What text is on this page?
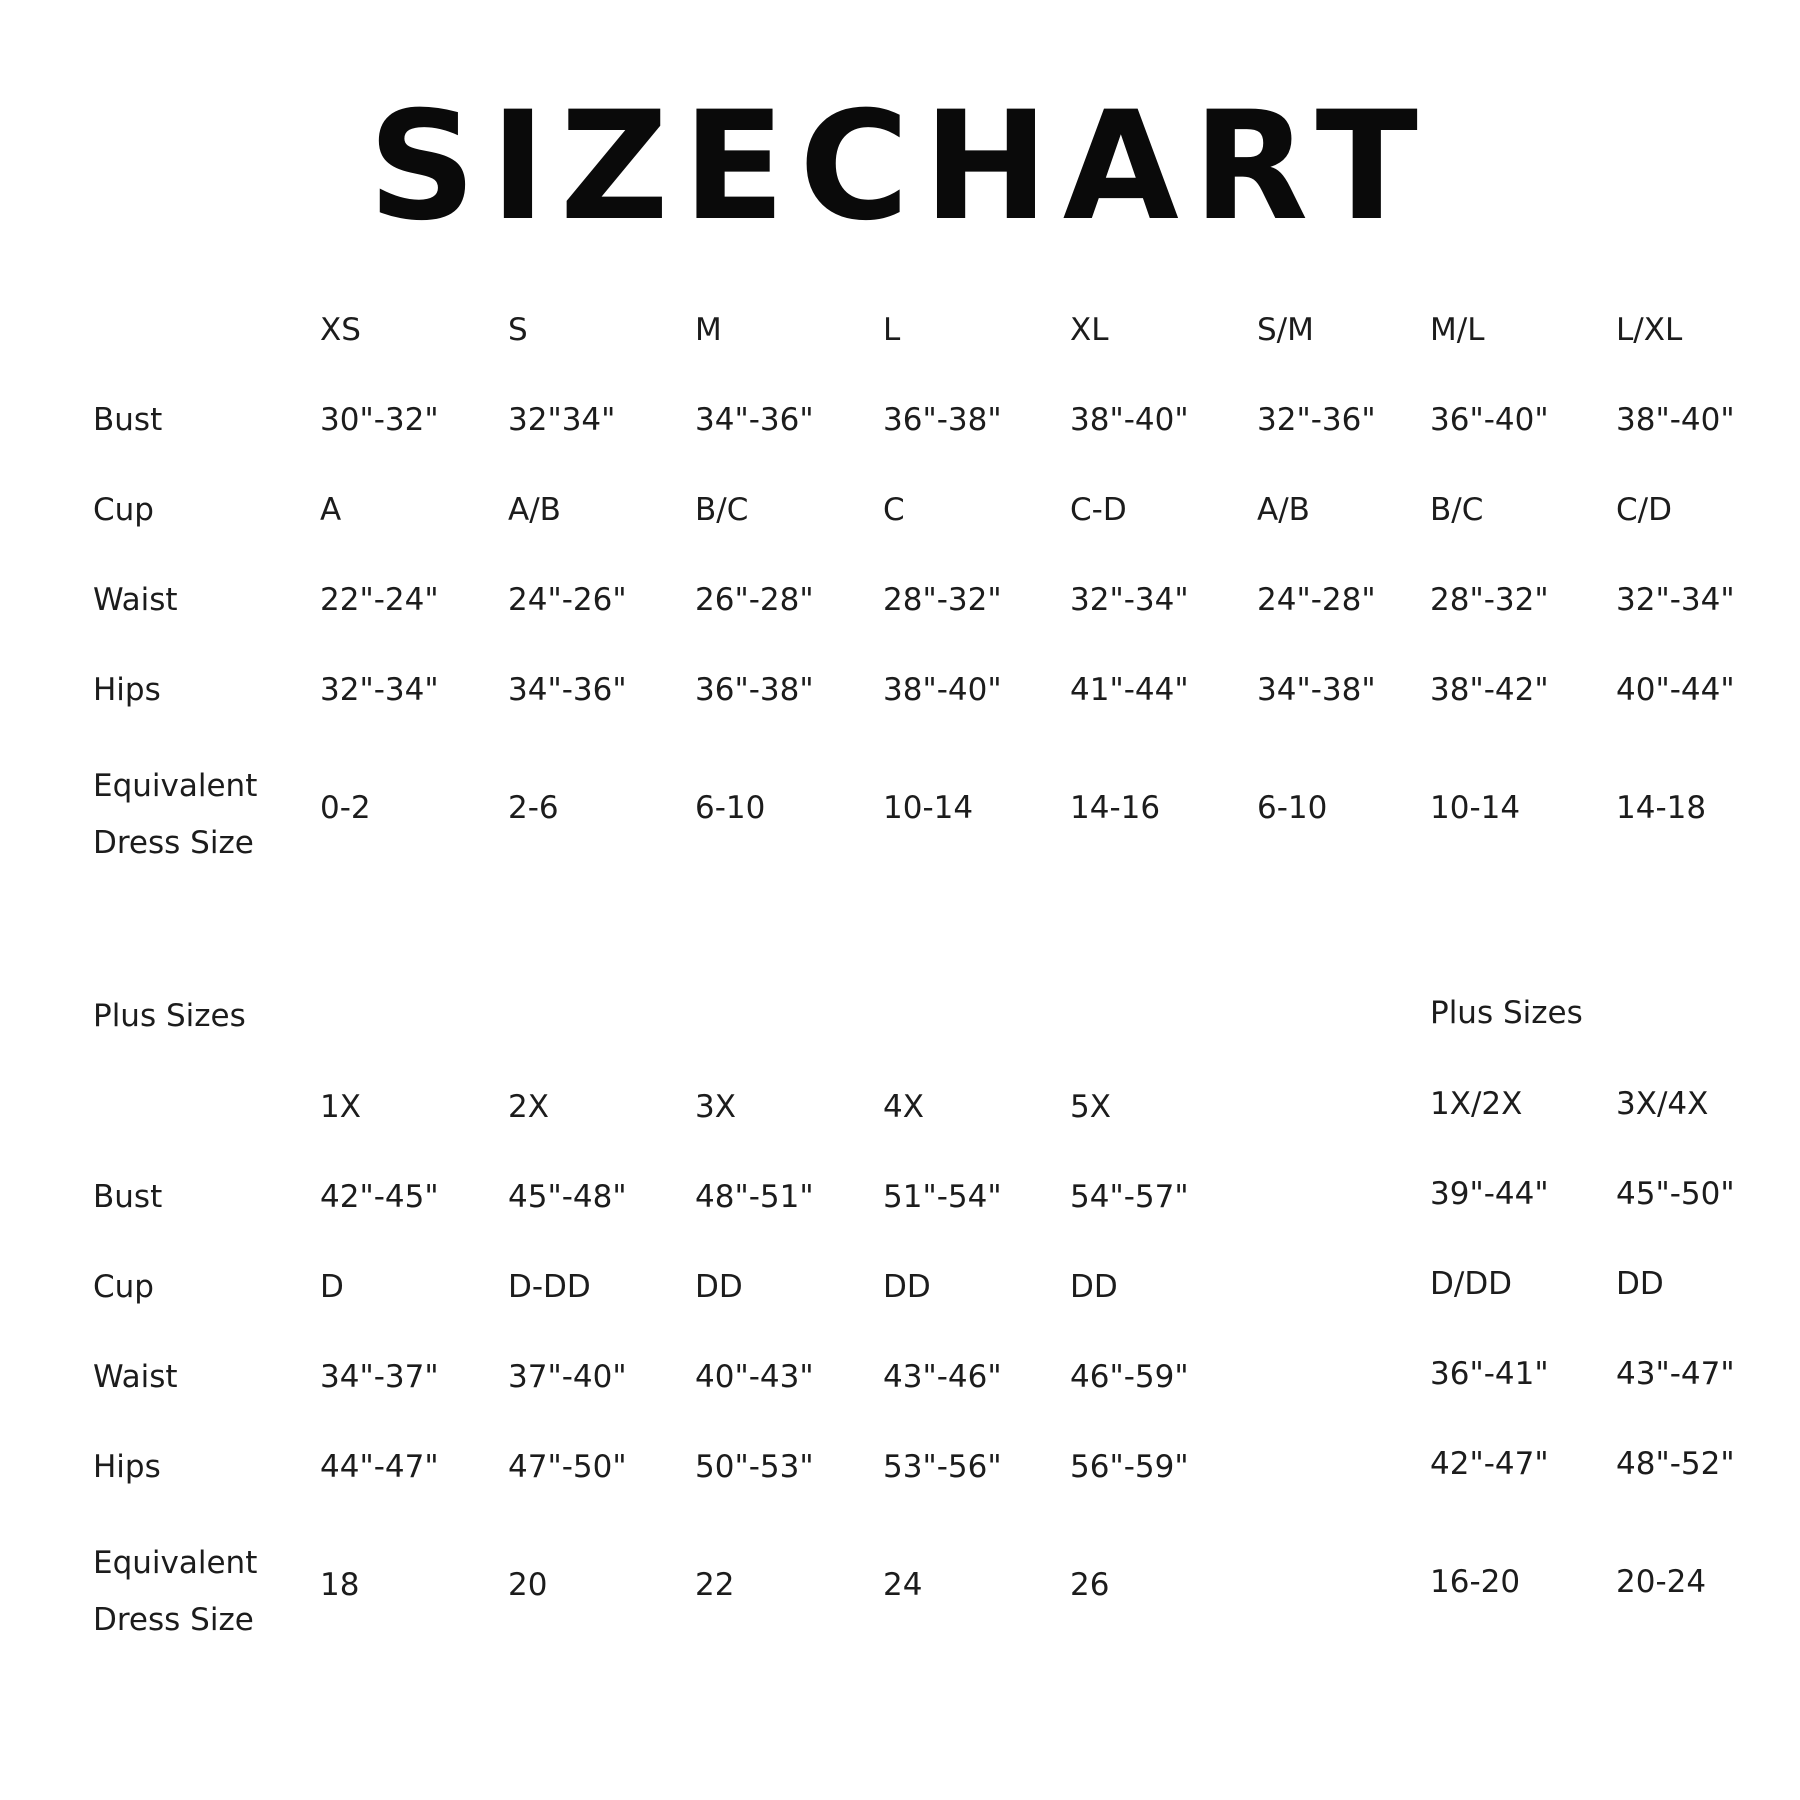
SIZECHART
XS	S	M	L	XL	S/M	M/L	L/XL
Bust	30"-32" 32"34"	34"-36" 36"-38" 38"-40" 32"-36" 36"-40" 38"-40"
Cup	A	A/B	B/C	C	C-D	A/B	B/C	C/D
Waist	22"-24" 24"-26" 26"-28" 28"-32" 32"-34" 24"-28" 28"-32" 32"-34"
Hips	32"-34" 34"-36" 36"-38" 38"-40" 41"-44" 34"-38" 38"-42" 40"-44"
Equivalent
Dress Size
0-2	2-6	6-10	10-14	14-16	6-10	10-14	14-18
Plus Sizes	Plus Sizes
1X	2X	3X	4X	5X
Bust	42"-45" 45"-48" 48"-51" 51"-54" 54"-57"
Cup	D	D-DD	DD	DD	DD
Waist	34"-37" 37"-40" 40"-43" 43"-46" 46"-59"
Hips	44"-47" 47"-50" 50"-53" 53"-56" 56"-59"
Equivalent
Dress Size
18	20	22	24	26
1X/2X	3X/4X
39"-44" 45"-50"
D/DD	DD
36"-41" 43"-47"
42"-47" 48"-52"
16-20	20-24
